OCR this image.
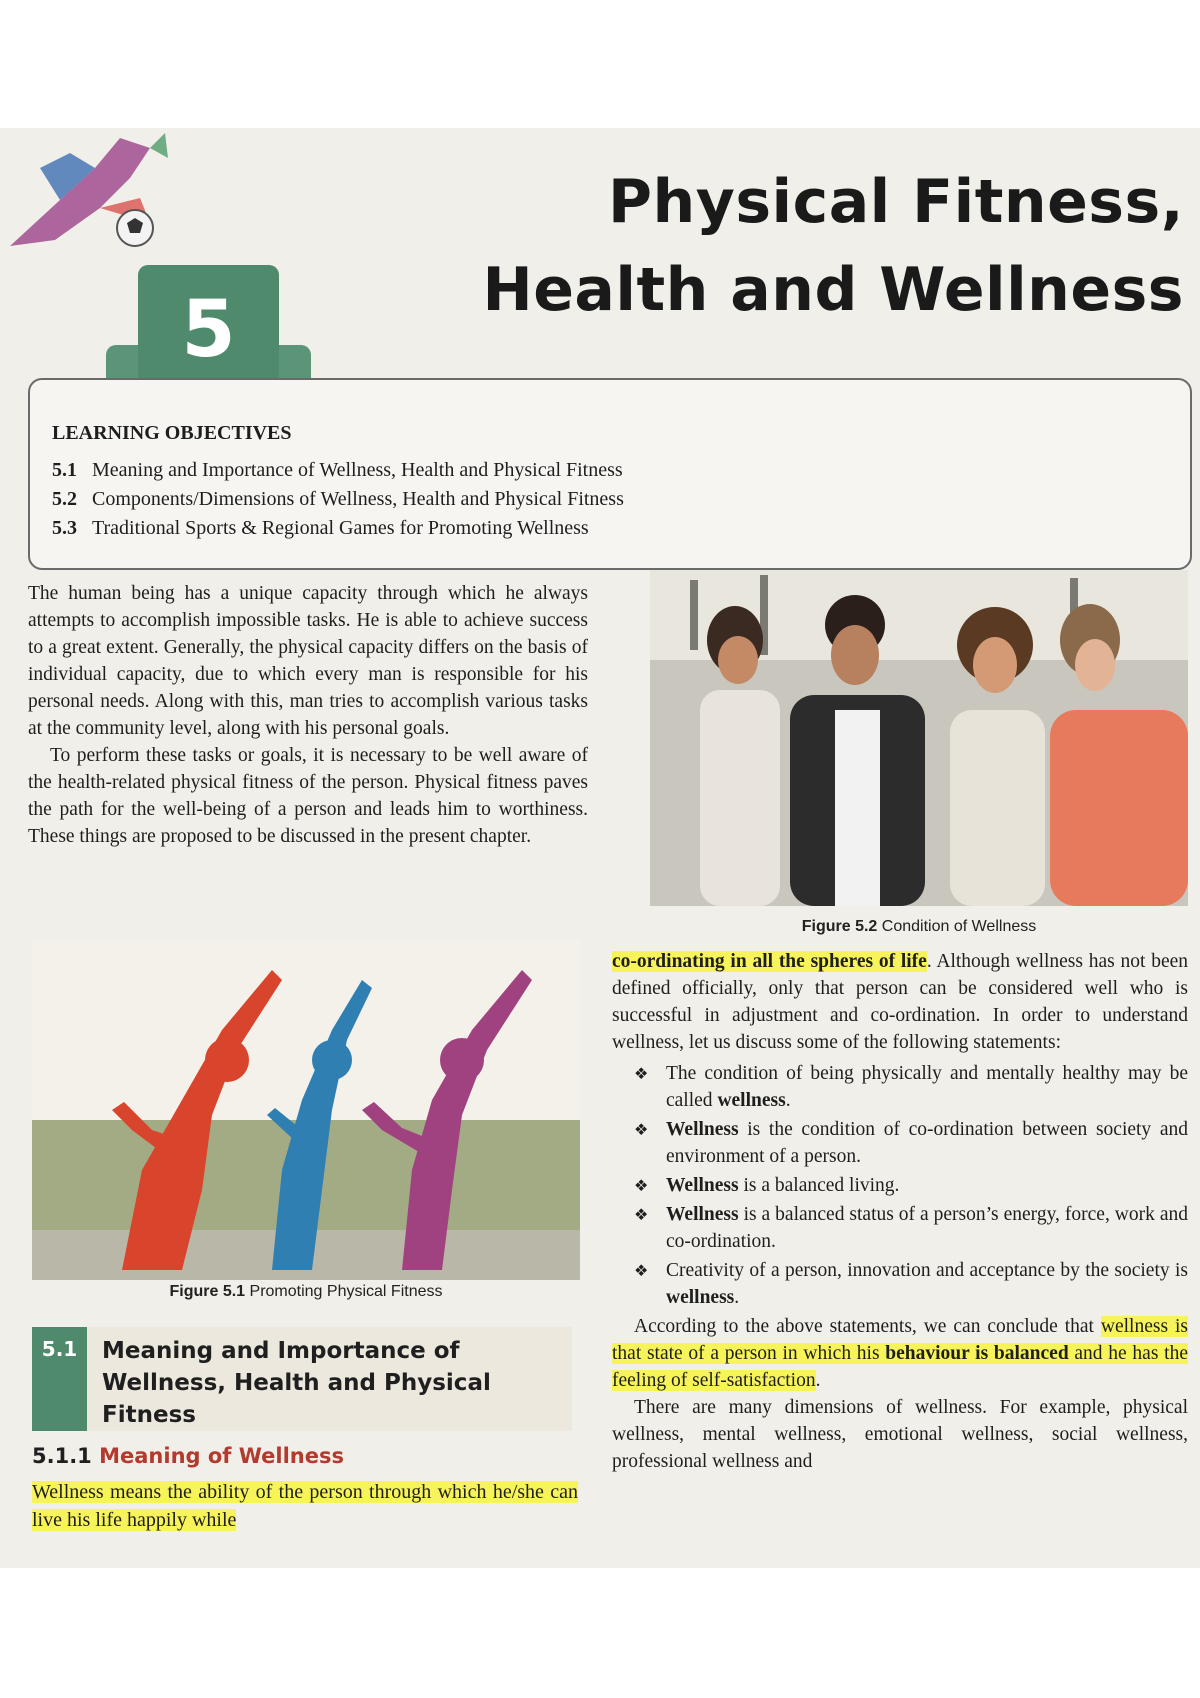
5
Physical Fitness,
Health and Wellness
LEARNING OBJECTIVES
5.1 Meaning and Importance of Wellness, Health and Physical Fitness
5.2 Components/Dimensions of Wellness, Health and Physical Fitness
5.3 Traditional Sports & Regional Games for Promoting Wellness

The human being has a unique capacity through which he always attempts to accomplish impossible tasks. He is able to achieve success to a great extent. Generally, the physical capacity differs on the basis of individual capacity, due to which every man is responsible for his personal needs. Along with this, man tries to accomplish various tasks at the community level, along with his personal goals.

To perform these tasks or goals, it is necessary to be well aware of the health-related physical fitness of the person. Physical fitness paves the path for the well-being of a person and leads him to worthiness. These things are proposed to be discussed in the present chapter.

Figure 5.1 Promoting Physical Fitness
5.1	Meaning and Importance of Wellness, Health and Physical Fitness
5.1.1 Meaning of Wellness
Wellness means the ability of the person through which he/she can live his life happily while
Figure 5.2 Condition of Wellness

co-ordinating in all the spheres of life. Although wellness has not been defined officially, only that person can be considered well who is successful in adjustment and co-ordination. In order to understand wellness, let us discuss some of the following statements:

❖ The condition of being physically and mentally healthy may be called wellness.
❖ Wellness is the condition of co-ordination between society and environment of a person.
❖ Wellness is a balanced living.
❖ Wellness is a balanced status of a person’s energy, force, work and co-ordination.
❖ Creativity of a person, innovation and acceptance by the society is wellness.

According to the above statements, we can conclude that wellness is that state of a person in which his behaviour is balanced and he has the feeling of self-satisfaction.

There are many dimensions of wellness. For example, physical wellness, mental wellness, emotional wellness, social wellness, professional wellness and
